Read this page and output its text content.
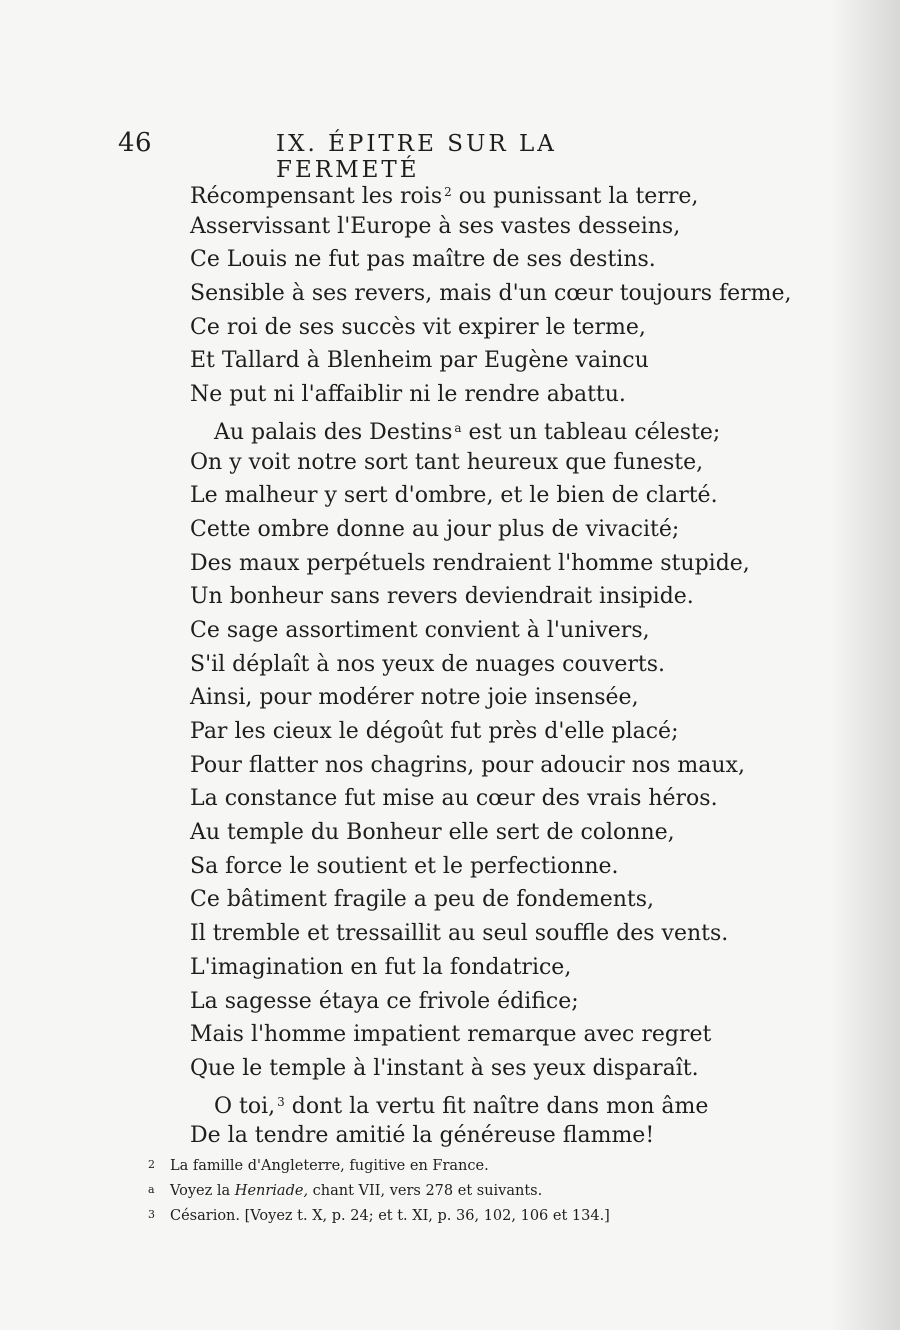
46	IX. ÉPITRE SUR LA FERMETÉ
Récompensant les rois $^2$ ou punissant la terre,
Asservissant l'Europe à ses vastes desseins,
Ce Louis ne fut pas maître de ses destins.
Sensible à ses revers, mais d'un cœur toujours ferme,
Ce roi de ses succès vit expirer le terme,
Et Tallard à Blenheim par Eugène vaincu
Ne put ni l'affaiblir ni le rendre abattu.
Au palais des Destins $^a$ est un tableau céleste;
On y voit notre sort tant heureux que funeste,
Le malheur y sert d'ombre, et le bien de clarté.
Cette ombre donne au jour plus de vivacité;
Des maux perpétuels rendraient l'homme stupide,
Un bonheur sans revers deviendrait insipide.
Ce sage assortiment convient à l'univers,
S'il déplaît à nos yeux de nuages couverts.
Ainsi, pour modérer notre joie insensée,
Par les cieux le dégoût fut près d'elle placé;
Pour flatter nos chagrins, pour adoucir nos maux,
La constance fut mise au cœur des vrais héros.
Au temple du Bonheur elle sert de colonne,
Sa force le soutient et le perfectionne.
Ce bâtiment fragile a peu de fondements,
Il tremble et tressaillit au seul souffle des vents.
L'imagination en fut la fondatrice,
La sagesse étaya ce frivole édifice;
Mais l'homme impatient remarque avec regret
Que le temple à l'instant à ses yeux disparaît.
O toi, $^3$ dont la vertu fit naître dans mon âme
De la tendre amitié la généreuse flamme!
2 La famille d'Angleterre, fugitive en France.
a Voyez la Henriade, chant VII, vers 278 et suivants.
3 Césarion. [Voyez t. X, p. 24; et t. XI, p. 36, 102, 106 et 134.]
